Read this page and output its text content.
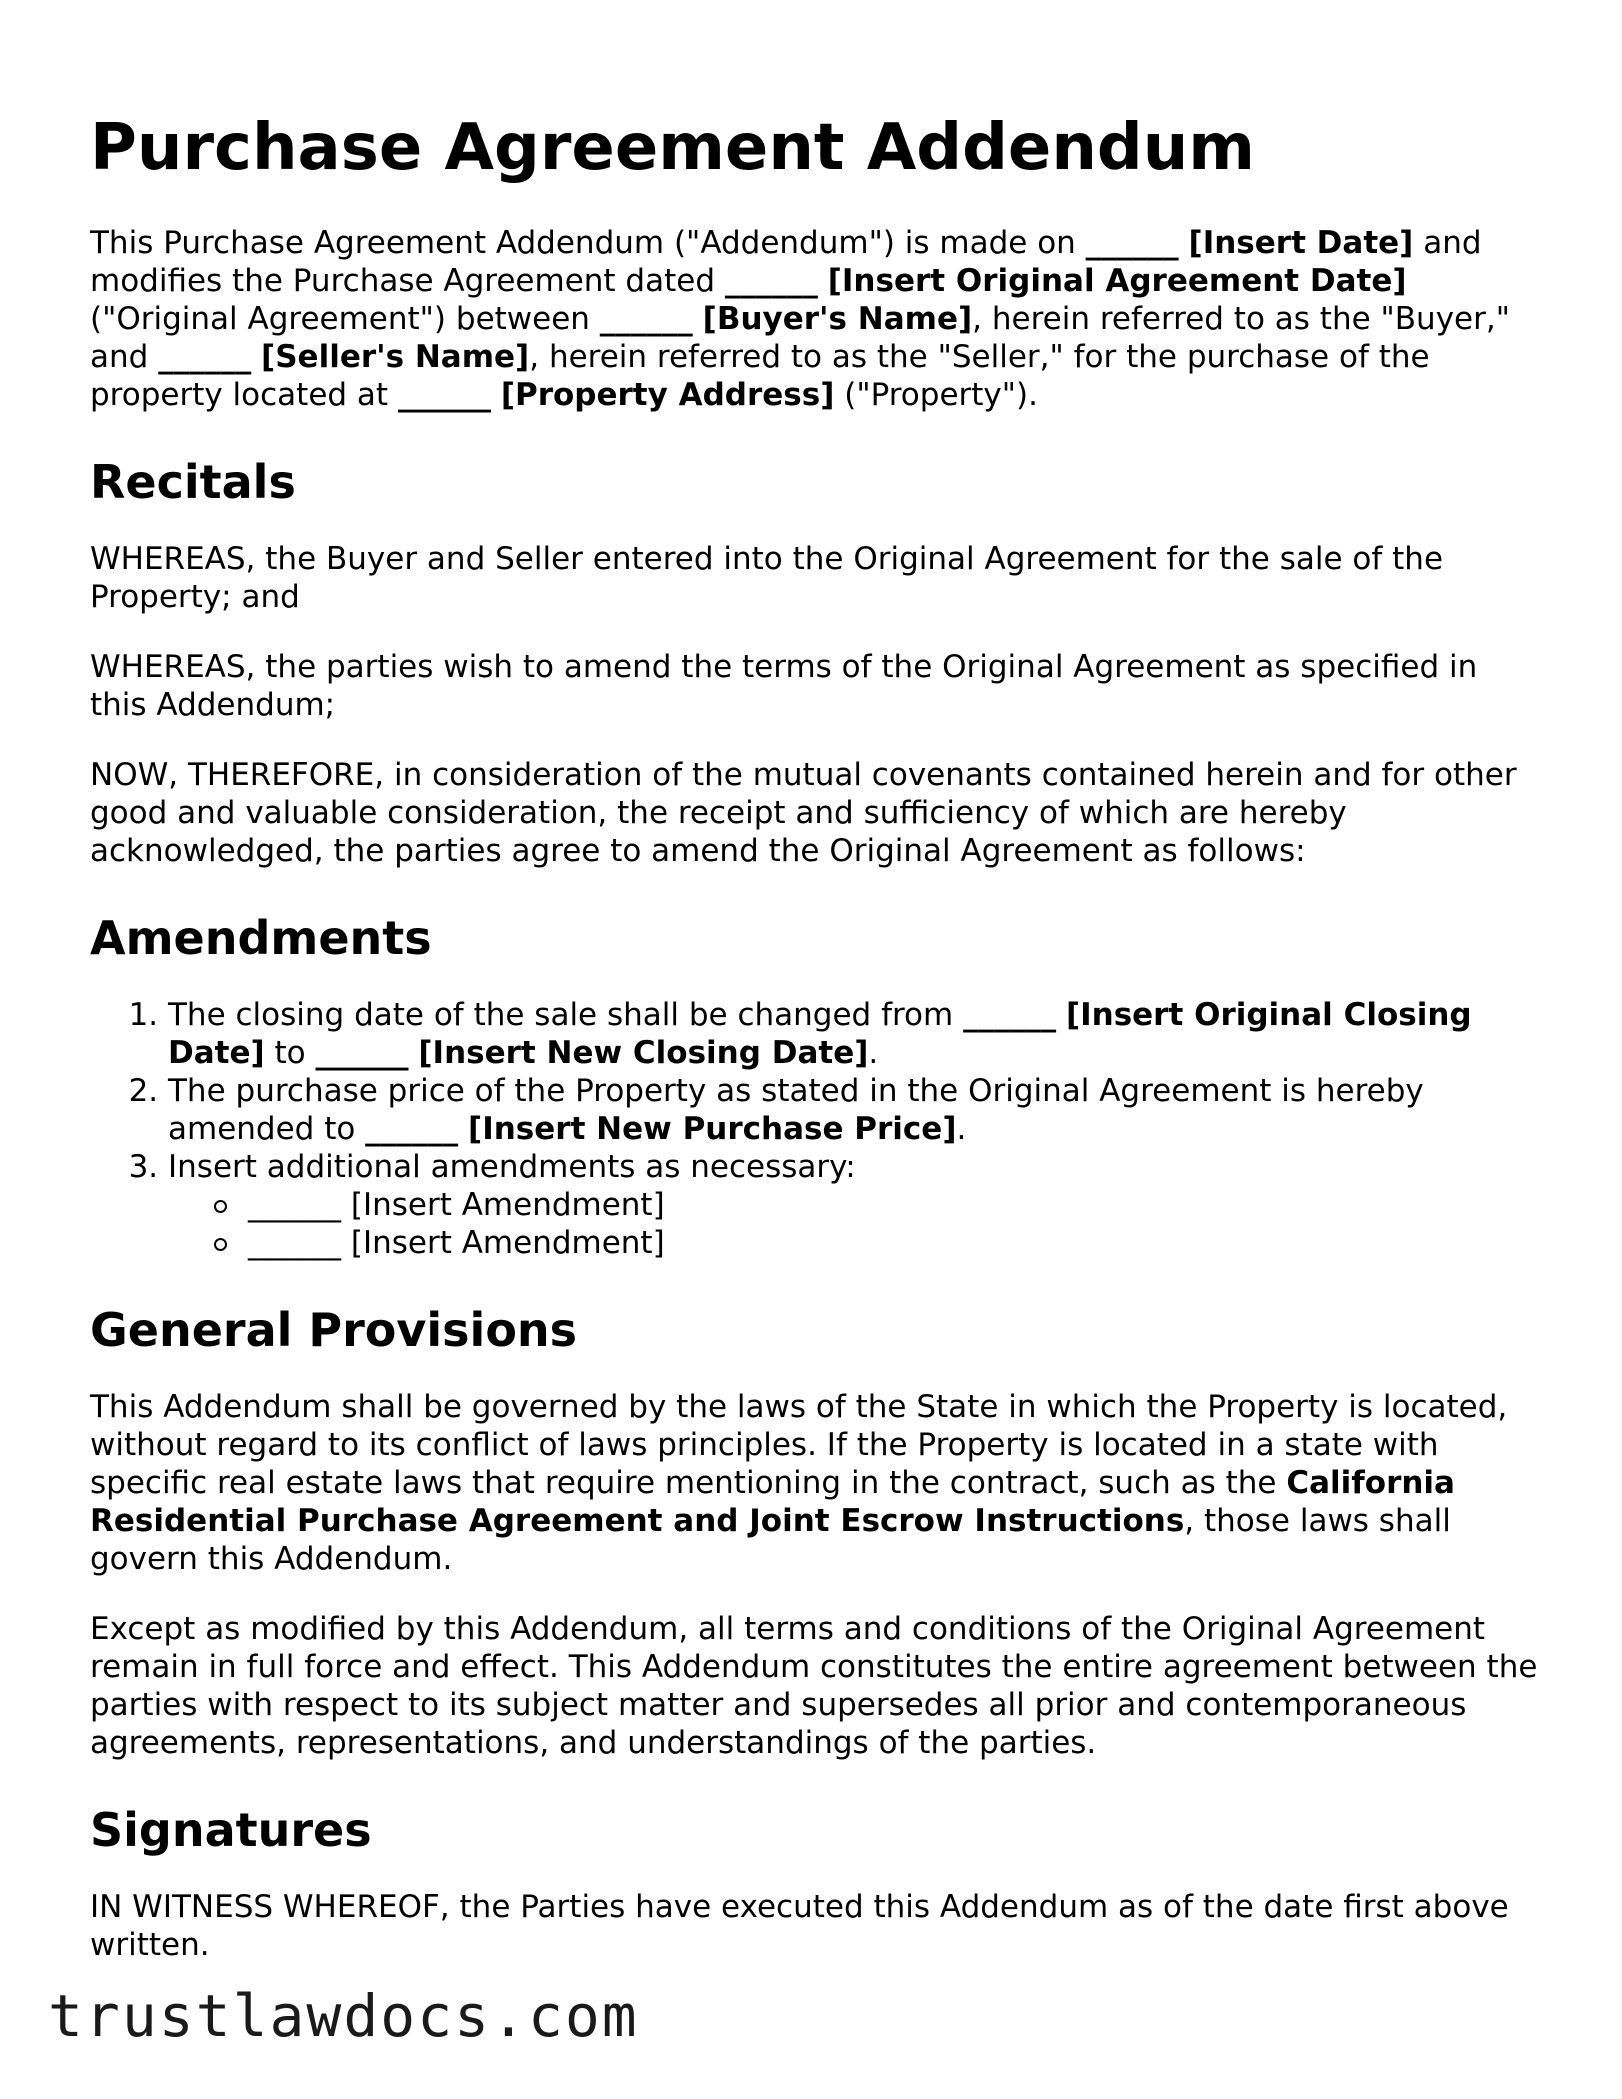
Purchase Agreement Addendum

This Purchase Agreement Addendum ("Addendum") is made on ______ [Insert Date] and modifies the Purchase Agreement dated ______ [Insert Original Agreement Date] ("Original Agreement") between ______ [Buyer's Name], herein referred to as the "Buyer," and ______ [Seller's Name], herein referred to as the "Seller," for the purchase of the property located at ______ [Property Address] ("Property").

Recitals

WHEREAS, the Buyer and Seller entered into the Original Agreement for the sale of the Property; and

WHEREAS, the parties wish to amend the terms of the Original Agreement as specified in this Addendum;

NOW, THEREFORE, in consideration of the mutual covenants contained herein and for other good and valuable consideration, the receipt and sufficiency of which are hereby acknowledged, the parties agree to amend the Original Agreement as follows:

Amendments
1. The closing date of the sale shall be changed from ______ [Insert Original Closing Date] to ______ [Insert New Closing Date].
2. The purchase price of the Property as stated in the Original Agreement is hereby amended to ______ [Insert New Purchase Price].
3. Insert additional amendments as necessary:
______ [Insert Amendment]
______ [Insert Amendment]
General Provisions

This Addendum shall be governed by the laws of the State in which the Property is located, without regard to its conflict of laws principles. If the Property is located in a state with specific real estate laws that require mentioning in the contract, such as the California Residential Purchase Agreement and Joint Escrow Instructions, those laws shall govern this Addendum.

Except as modified by this Addendum, all terms and conditions of the Original Agreement remain in full force and effect. This Addendum constitutes the entire agreement between the parties with respect to its subject matter and supersedes all prior and contemporaneous agreements, representations, and understandings of the parties.

Signatures

IN WITNESS WHEREOF, the Parties have executed this Addendum as of the date first above written.

trustlawdocs.com
